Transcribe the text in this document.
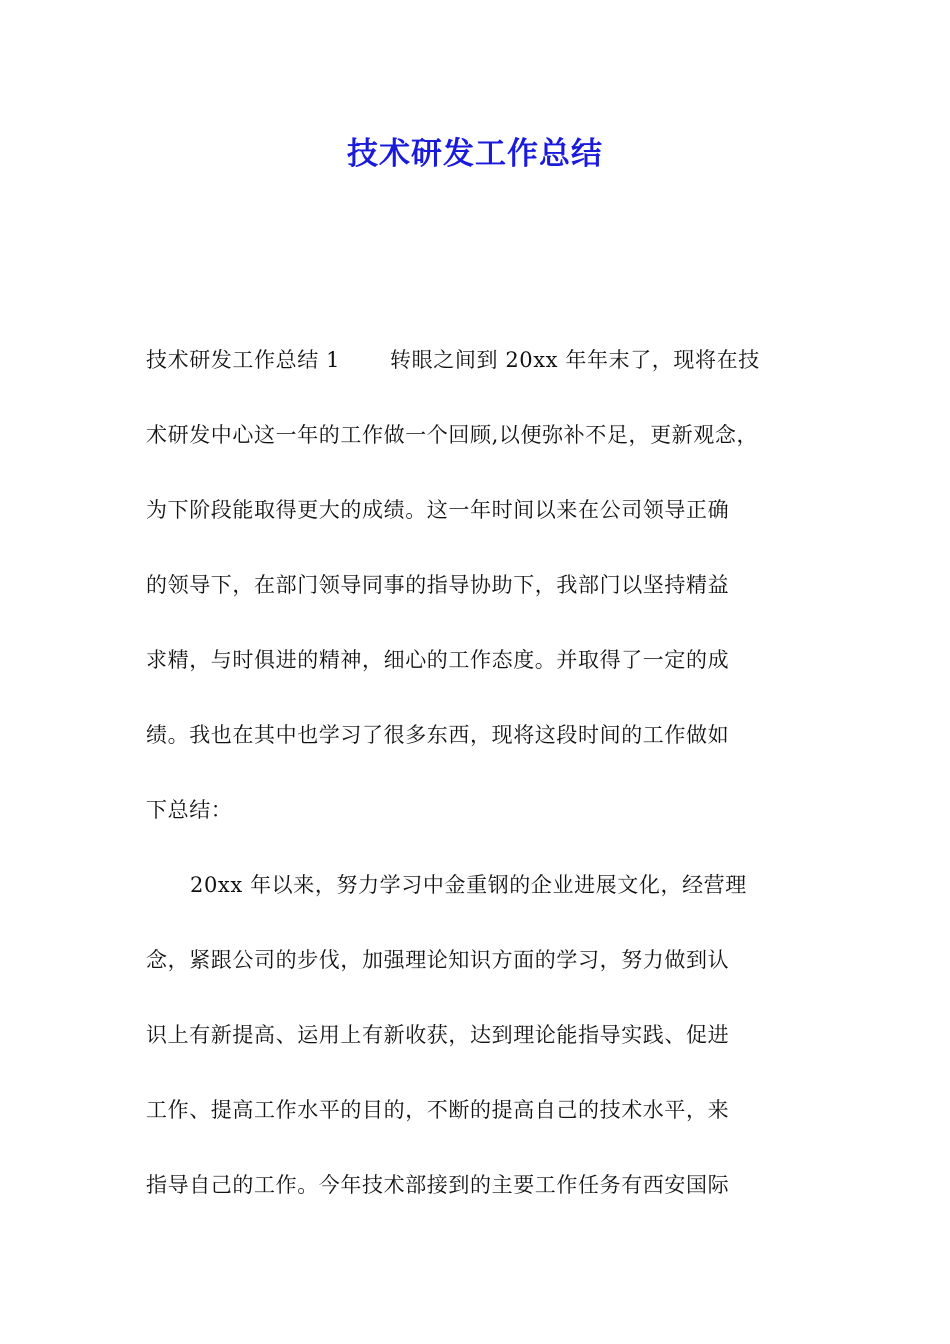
技术研发工作总结
技术研发工作总结 1 转眼之间到 20xx 年年末了，现将在技
术研发中心这一年的工作做一个回顾,以便弥补不足，更新观念，
为下阶段能取得更大的成绩。这一年时间以来在公司领导正确
的领导下，在部门领导同事的指导协助下，我部门以坚持精益
求精，与时俱进的精神，细心的工作态度。并取得了一定的成
绩。我也在其中也学习了很多东西，现将这段时间的工作做如
下总结：
20xx 年以来，努力学习中金重钢的企业进展文化，经营理
念，紧跟公司的步伐，加强理论知识方面的学习，努力做到认
识上有新提高、运用上有新收获，达到理论能指导实践、促进
工作、提高工作水平的目的，不断的提高自己的技术水平，来
指导自己的工作。今年技术部接到的主要工作任务有西安国际
